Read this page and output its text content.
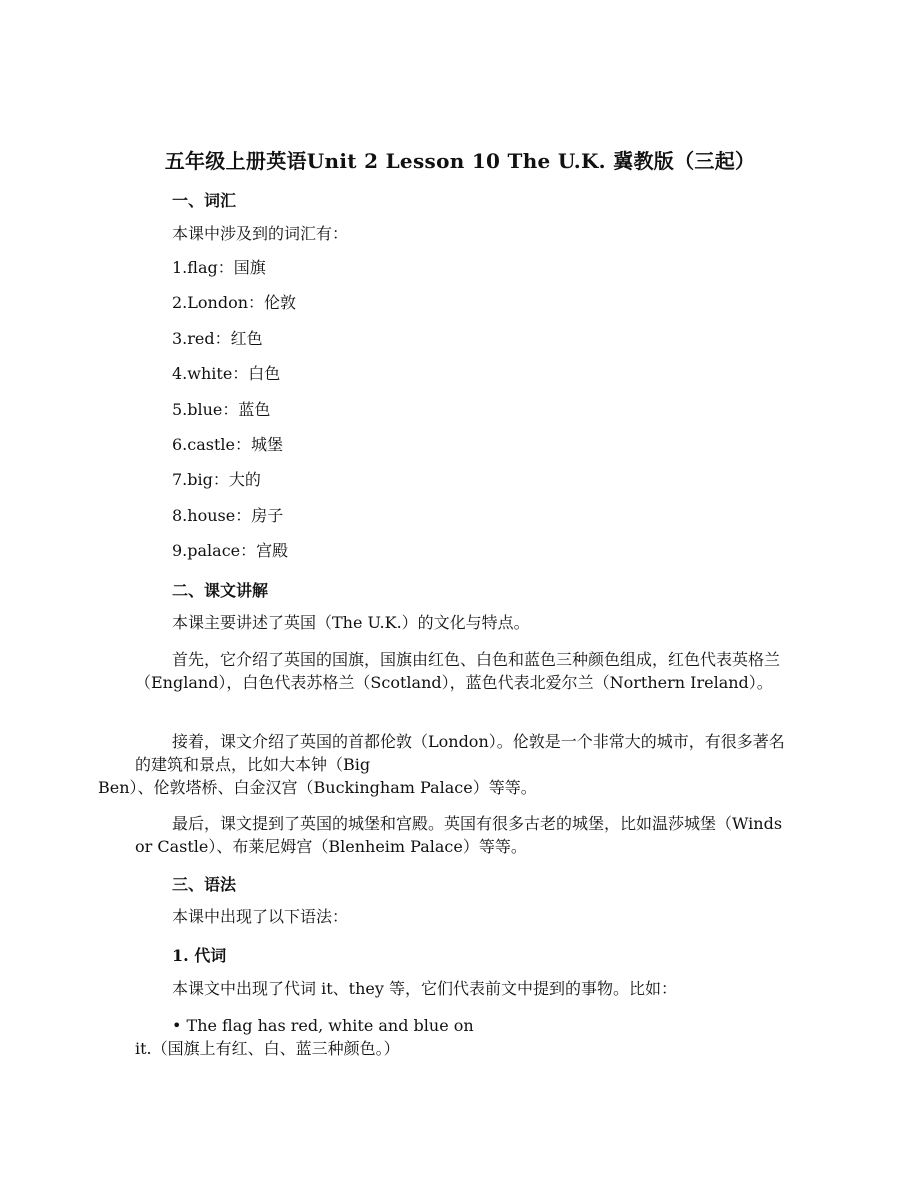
五年级上册英语Unit 2 Lesson 10 The U.K. 冀教版（三起）
一、词汇
本课中涉及到的词汇有：
1.flag：国旗
2.London：伦敦
3.red：红色
4.white：白色
5.blue：蓝色
6.castle：城堡
7.big：大的
8.house：房子
9.palace：宫殿
二、课文讲解
本课主要讲述了英国（The U.K.）的文化与特点。
首先，它介绍了英国的国旗，国旗由红色、白色和蓝色三种颜色组成，红色代表英格兰（England），白色代表苏格兰（Scotland），蓝色代表北爱尔兰（Northern Ireland）。
接着，课文介绍了英国的首都伦敦（London）。伦敦是一个非常大的城市，有很多著名的建筑和景点，比如大本钟（Big
Ben）、伦敦塔桥、白金汉宫（Buckingham Palace）等等。
最后，课文提到了英国的城堡和宫殿。英国有很多古老的城堡，比如温莎城堡（Windsor Castle）、布莱尼姆宫（Blenheim Palace）等等。
三、语法
本课中出现了以下语法：
1. 代词
本课文中出现了代词 it、they 等，它们代表前文中提到的事物。比如：
• The flag has red, white and blue on
it.（国旗上有红、白、蓝三种颜色。）
